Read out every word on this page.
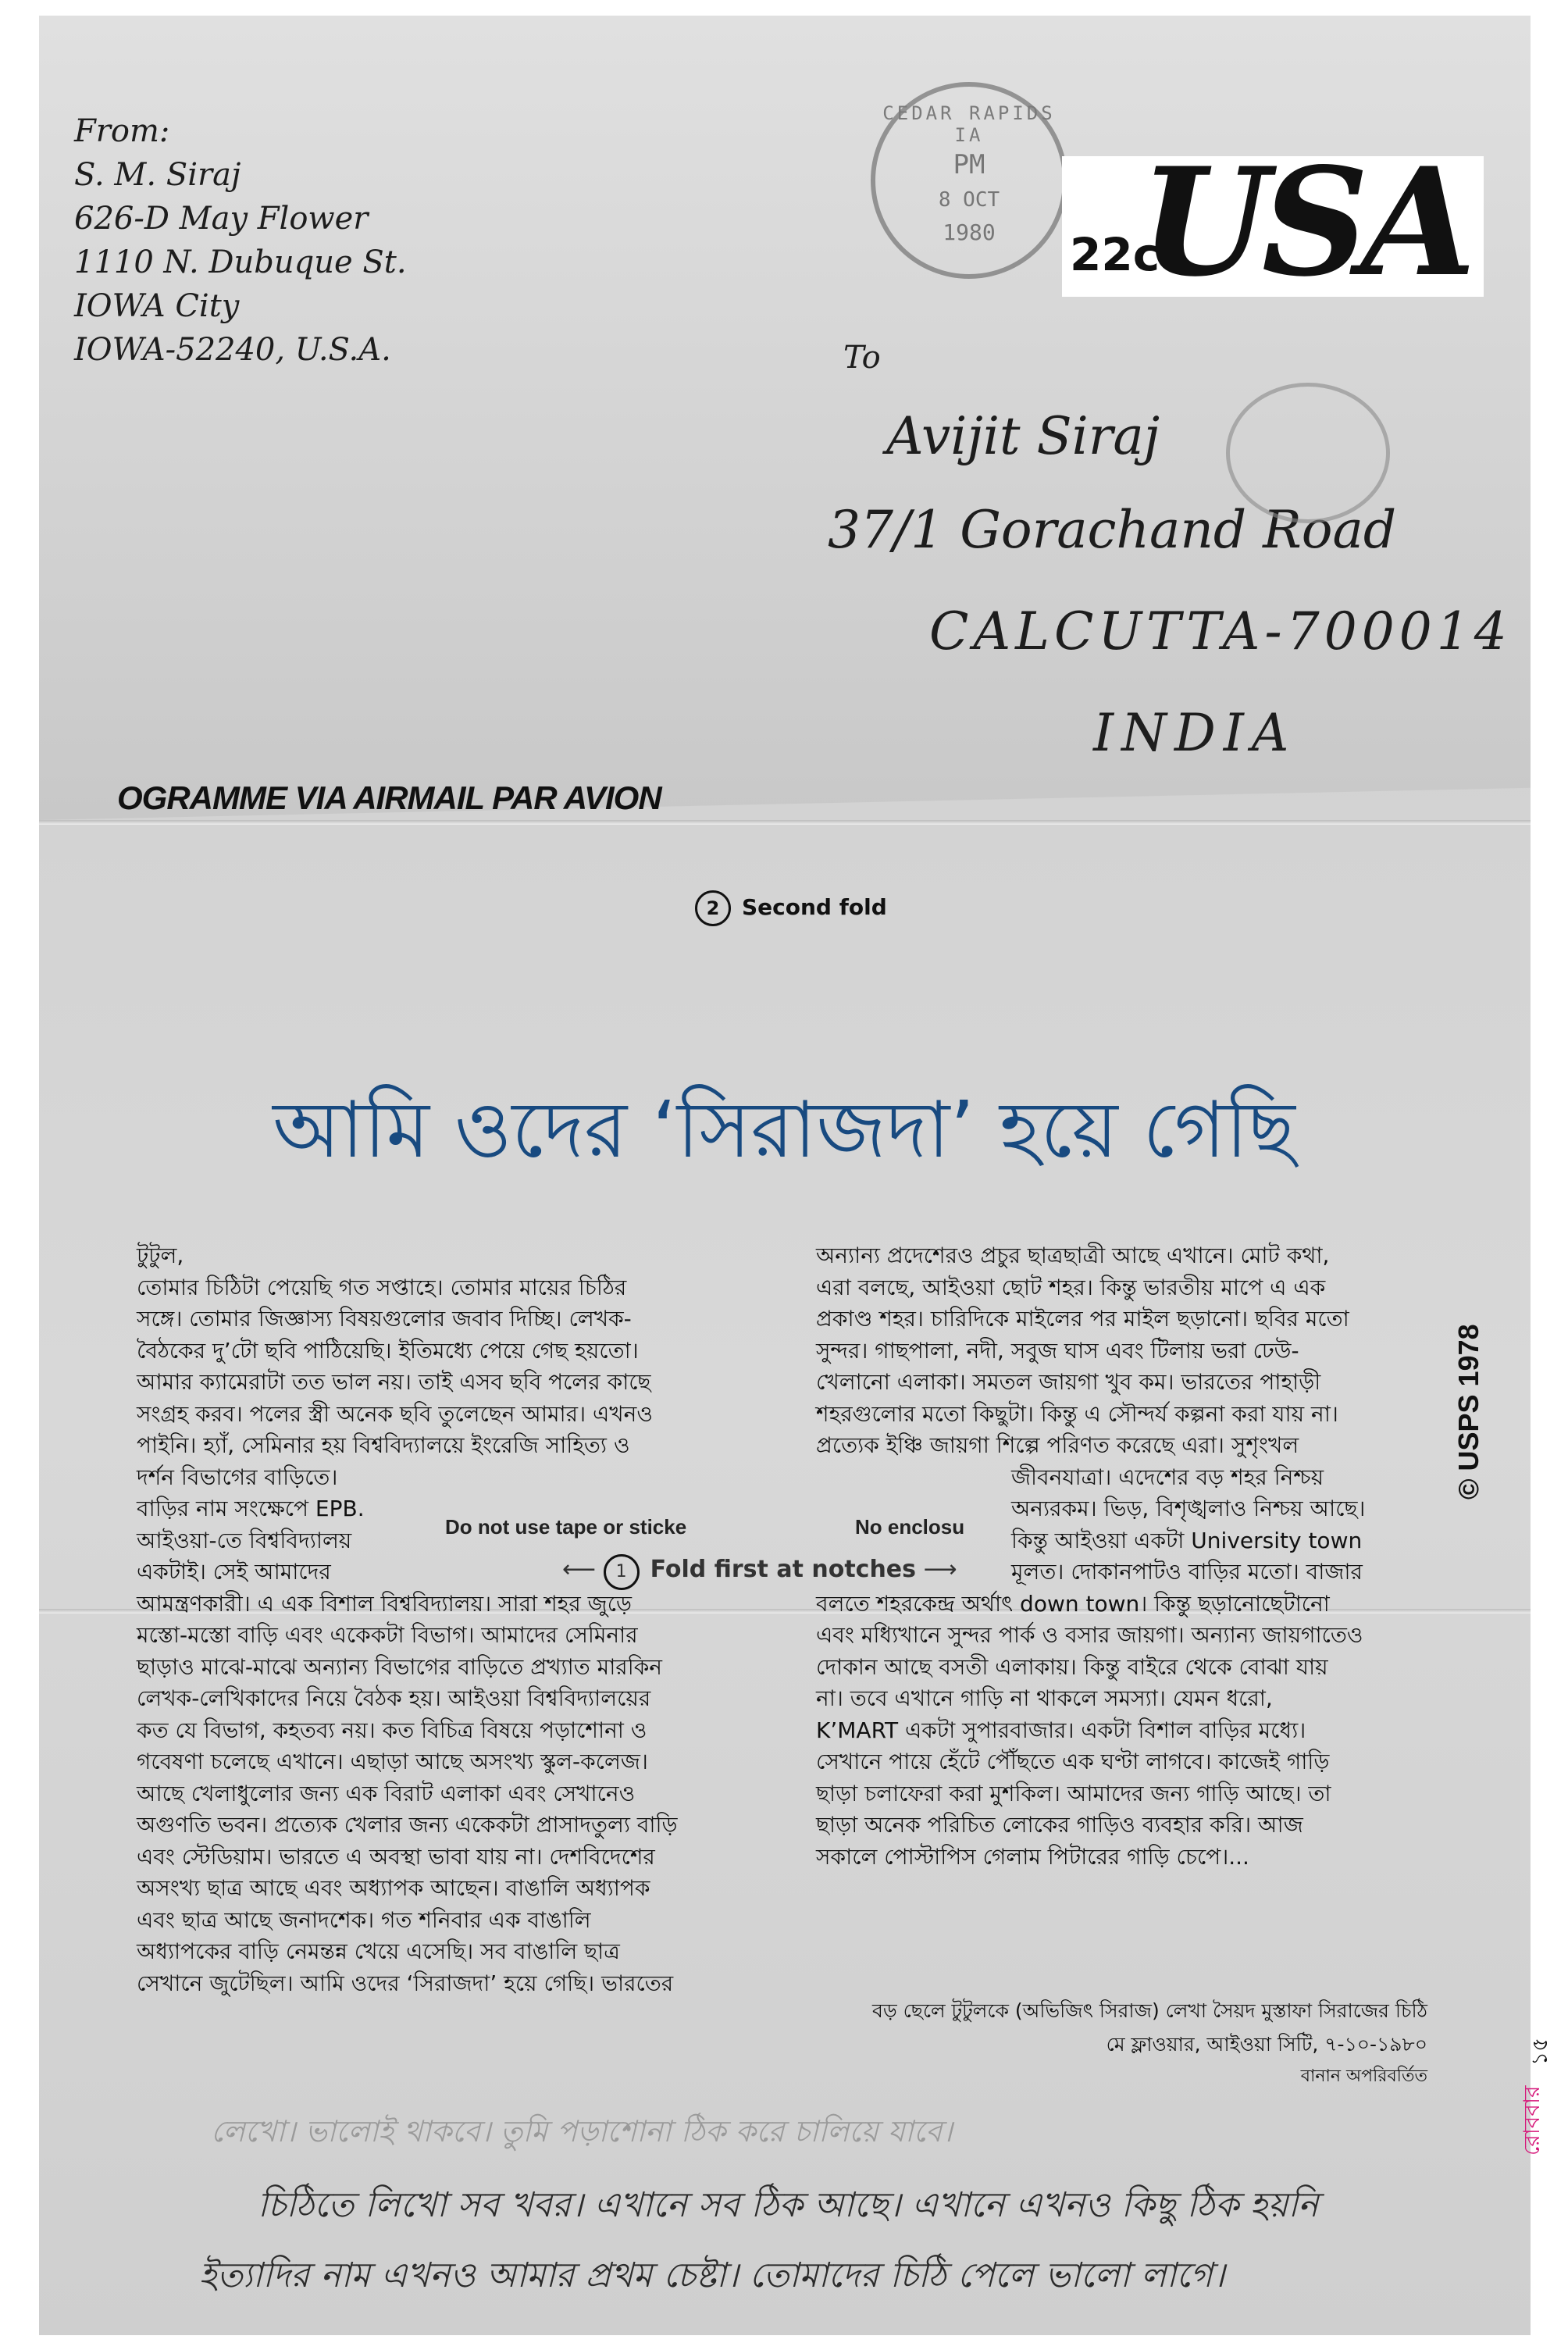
From:
S. M. Siraj
626-D May Flower
1110 N. Dubuque St.
IOWA City
IOWA-52240, U.S.A.
CEDAR RAPIDS IA
PM
8 OCT
1980	22c
USA
To
Avijit Siraj
37/1 Gorachand Road
CALCUTTA-700014
INDIA
OGRAMME VIA AIRMAIL PAR AVION
2 Second fold
আমি ওদের ‘সিরাজদা’ হয়ে গেছি
টুটুল,
তোমার চিঠিটা পেয়েছি গত সপ্তাহে। তোমার মায়ের চিঠির
সঙ্গে। তোমার জিজ্ঞাস্য বিষয়গুলোর জবাব দিচ্ছি। লেখক-
বৈঠকের দু’টো ছবি পাঠিয়েছি। ইতিমধ্যে পেয়ে গেছ হয়তো।
আমার ক্যামেরাটা তত ভাল নয়। তাই এসব ছবি পলের কাছে
সংগ্রহ করব। পলের স্ত্রী অনেক ছবি তুলেছেন আমার। এখনও
পাইনি। হ্যাঁ, সেমিনার হয় বিশ্ববিদ্যালয়ে ইংরেজি সাহিত্য ও
দর্শন বিভাগের বাড়িতে।
বাড়ির নাম সংক্ষেপে EPB.
আইওয়া-তে বিশ্ববিদ্যালয়
একটাই। সেই আমাদের
আমন্ত্রণকারী। এ এক বিশাল বিশ্ববিদ্যালয়। সারা শহর জুড়ে
মস্তো-মস্তো বাড়ি এবং একেকটা বিভাগ। আমাদের সেমিনার
ছাড়াও মাঝে-মাঝে অন্যান্য বিভাগের বাড়িতে প্রখ্যাত মারকিন
লেখক-লেখিকাদের নিয়ে বৈঠক হয়। আইওয়া বিশ্ববিদ্যালয়ের
কত যে বিভাগ, কহতব্য নয়। কত বিচিত্র বিষয়ে পড়াশোনা ও
গবেষণা চলেছে এখানে। এছাড়া আছে অসংখ্য স্কুল-কলেজ।
আছে খেলাধুলোর জন্য এক বিরাট এলাকা এবং সেখানেও
অগুণতি ভবন। প্রত্যেক খেলার জন্য একেকটা প্রাসাদতুল্য বাড়ি
এবং স্টেডিয়াম। ভারতে এ অবস্থা ভাবা যায় না। দেশবিদেশের
অসংখ্য ছাত্র আছে এবং অধ্যাপক আছেন। বাঙালি অধ্যাপক
এবং ছাত্র আছে জনাদশেক। গত শনিবার এক বাঙালি
অধ্যাপকের বাড়ি নেমন্তন্ন খেয়ে এসেছি। সব বাঙালি ছাত্র
সেখানে জুটেছিল। আমি ওদের ‘সিরাজদা’ হয়ে গেছি। ভারতের
Do not use tape or sticke	No enclosu
⟵ 1 Fold first at notches ⟶
অন্যান্য প্রদেশেরও প্রচুর ছাত্রছাত্রী আছে এখানে। মোট কথা,
এরা বলছে, আইওয়া ছোট শহর। কিন্তু ভারতীয় মাপে এ এক
প্রকাণ্ড শহর। চারিদিকে মাইলের পর মাইল ছড়ানো। ছবির মতো
সুন্দর। গাছপালা, নদী, সবুজ ঘাস এবং টিলায় ভরা ঢেউ-
খেলানো এলাকা। সমতল জায়গা খুব কম। ভারতের পাহাড়ী
শহরগুলোর মতো কিছুটা। কিন্তু এ সৌন্দর্য কল্পনা করা যায় না।
প্রত্যেক ইঞ্চি জায়গা শিল্পে পরিণত করেছে এরা। সুশৃংখল
জীবনযাত্রা। এদেশের বড় শহর নিশ্চয়
অন্যরকম। ভিড়, বিশৃঙ্খলাও নিশ্চয় আছে।
কিন্তু আইওয়া একটা University town
মূলত। দোকানপাটও বাড়ির মতো। বাজার
বলতে শহরকেন্দ্র অর্থাৎ down town। কিন্তু ছড়ানোছেটানো
এবং মধ্যিখানে সুন্দর পার্ক ও বসার জায়গা। অন্যান্য জায়গাতেও
দোকান আছে বসতী এলাকায়। কিন্তু বাইরে থেকে বোঝা যায়
না। তবে এখানে গাড়ি না থাকলে সমস্যা। যেমন ধরো,
K’MART একটা সুপারবাজার। একটা বিশাল বাড়ির মধ্যে।
সেখানে পায়ে হেঁটে পৌঁছতে এক ঘণ্টা লাগবে। কাজেই গাড়ি
ছাড়া চলাফেরা করা মুশকিল। আমাদের জন্য গাড়ি আছে। তা
ছাড়া অনেক পরিচিত লোকের গাড়িও ব্যবহার করি। আজ
সকালে পোস্টাপিস গেলাম পিটারের গাড়ি চেপে।...
বড় ছেলে টুটুলকে (অভিজিৎ সিরাজ) লেখা সৈয়দ মুস্তাফা সিরাজের চিঠি
মে ফ্লাওয়ার, আইওয়া সিটি, ৭-১০-১৯৮০
বানান অপরিবর্তিত
© USPS 1978
রোববার
১৫
লেখো। ভালোই থাকবে। তুমি পড়াশোনা ঠিক করে চালিয়ে যাবে।
চিঠিতে লিখো সব খবর। এখানে সব ঠিক আছে। এখানে এখনও কিছু ঠিক হয়নি
ইত্যাদির নাম এখনও আমার প্রথম চেষ্টা। তোমাদের চিঠি পেলে ভালো লাগে।
